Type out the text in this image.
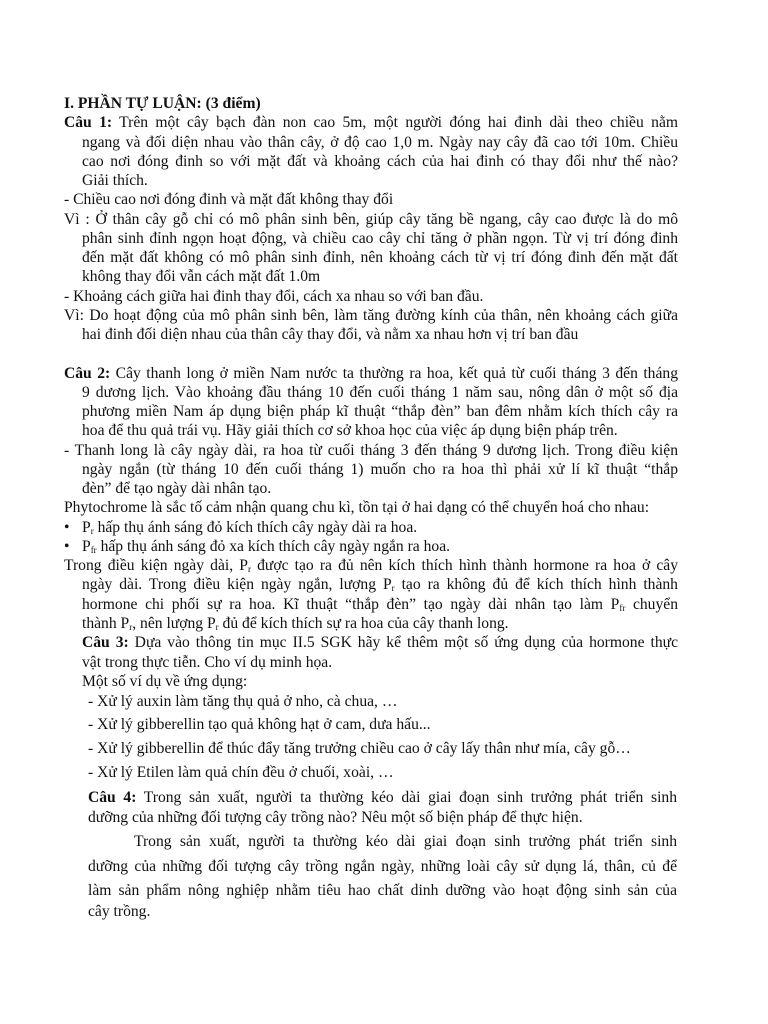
I. PHẦN TỰ LUẬN: (3 điểm)
Câu 1: Trên một cây bạch đàn non cao 5m, một người đóng hai đinh dài theo chiều nằm
ngang và đối diện nhau vào thân cây, ở độ cao 1,0 m. Ngày nay cây đã cao tới 10m. Chiều
cao nơi đóng đinh so với mặt đất và khoảng cách của hai đinh có thay đổi như thế nào?
Giải thích.
- Chiều cao nơi đóng đinh và mặt đất không thay đổi
Vì : Ở thân cây gỗ chỉ có mô phân sinh bên, giúp cây tăng bề ngang, cây cao được là do mô
phân sinh đỉnh ngọn hoạt động, và chiều cao cây chỉ tăng ở phần ngọn. Từ vị trí đóng đinh
đến mặt đất không có mô phân sinh đỉnh, nên khoảng cách từ vị trí đóng đinh đến mặt đất
không thay đổi vẫn cách mặt đất 1.0m
- Khoảng cách giữa hai đinh thay đổi, cách xa nhau so với ban đầu.
Vì: Do hoạt động của mô phân sinh bên, làm tăng đường kính của thân, nên khoảng cách giữa
hai đinh đối diện nhau của thân cây thay đổi, và nằm xa nhau hơn vị trí ban đầu
Câu 2: Cây thanh long ở miền Nam nước ta thường ra hoa, kết quả từ cuối tháng 3 đến tháng
9 dương lịch. Vào khoảng đầu tháng 10 đến cuối tháng 1 năm sau, nông dân ở một số địa
phương miền Nam áp dụng biện pháp kĩ thuật “thắp đèn” ban đêm nhằm kích thích cây ra
hoa để thu quả trái vụ. Hãy giải thích cơ sở khoa học của việc áp dụng biện pháp trên.
- Thanh long là cây ngày dài, ra hoa từ cuối tháng 3 đến tháng 9 dương lịch. Trong điều kiện
ngày ngắn (từ tháng 10 đến cuối tháng 1) muốn cho ra hoa thì phải xử lí kĩ thuật “thắp
đèn” để tạo ngày dài nhân tạo.
Phytochrome là sắc tố cảm nhận quang chu kì, tồn tại ở hai dạng có thể chuyển hoá cho nhau:
• $P_r$ hấp thụ ánh sáng đỏ kích thích cây ngày dài ra hoa.
• $P_{fr}$ hấp thụ ánh sáng đỏ xa kích thích cây ngày ngắn ra hoa.
Trong điều kiện ngày dài, $P_r$ được tạo ra đủ nên kích thích hình thành hormone ra hoa ở cây
ngày dài. Trong điều kiện ngày ngắn, lượng $P_r$ tạo ra không đủ để kích thích hình thành
hormone chi phối sự ra hoa. Kĩ thuật “thắp đèn” tạo ngày dài nhân tạo làm $P_{fr}$ chuyển
thành $P_r$, nên lượng $P_r$ đủ để kích thích sự ra hoa của cây thanh long.
Câu 3: Dựa vào thông tin mục II.5 SGK hãy kể thêm một số ứng dụng của hormone thực
vật trong thực tiễn. Cho ví dụ minh họa.
Một số ví dụ về ứng dụng:
- Xử lý auxin làm tăng thụ quả ở nho, cà chua, …
- Xử lý gibberellin tạo quả không hạt ở cam, dưa hấu...
- Xử lý gibberellin để thúc đẩy tăng trưởng chiều cao ở cây lấy thân như mía, cây gỗ…
- Xử lý Etilen làm quả chín đều ở chuối, xoài, …
Câu 4: Trong sản xuất, người ta thường kéo dài giai đoạn sinh trưởng phát triển sinh
dưỡng của những đối tượng cây trồng nào? Nêu một số biện pháp để thực hiện.
Trong sản xuất, người ta thường kéo dài giai đoạn sinh trưởng phát triển sinh
dưỡng của những đối tượng cây trồng ngắn ngày, những loài cây sử dụng lá, thân, củ để
làm sản phẩm nông nghiệp nhằm tiêu hao chất dinh dưỡng vào hoạt động sinh sản của
cây trồng.
